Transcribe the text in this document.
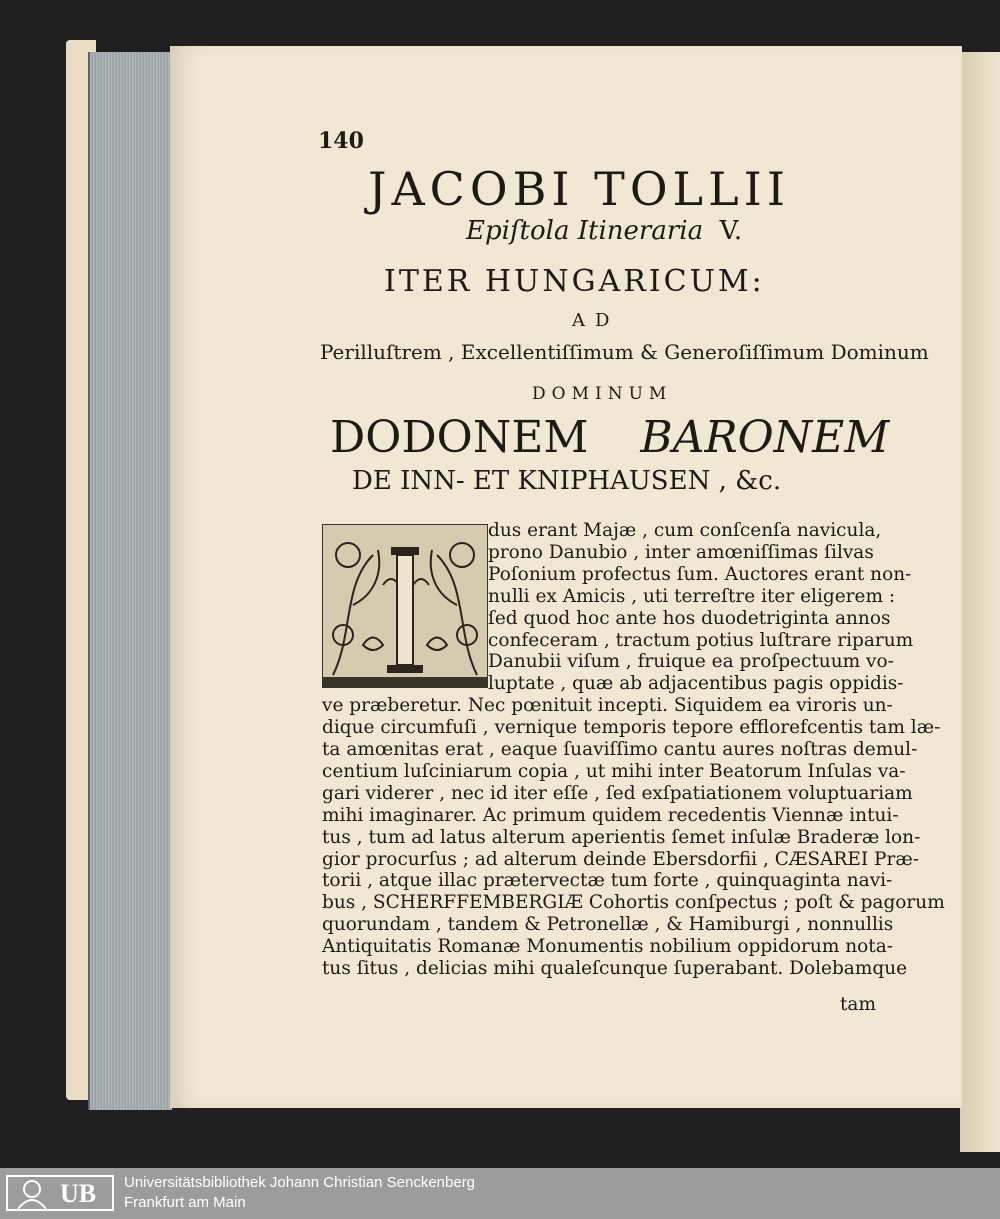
140
JACOBI TOLLII
Epiſtola Itineraria V.
ITER HUNGARICUM:
AD
Perilluſtrem , Excellentiſſimum & Generoſiſſimum Dominum
DOMINUM
DODONEM BARONEM
DE INN- ET KNIPHAUSEN , &c.
dus erant Majæ , cum conſcenſa navicula,
prono Danubio , inter amœniſſimas ſilvas
Poſonium profectus ſum. Auctores erant non-
nulli ex Amicis , uti terreſtre iter eligerem :
ſed quod hoc ante hos duodetriginta annos
confeceram , tractum potius luſtrare riparum
Danubii viſum , fruique ea proſpectuum vo-
luptate , quæ ab adjacentibus pagis oppidis-
ve præberetur. Nec pœnituit incepti. Siquidem ea viroris un-
dique circumfuſi , vernique temporis tepore efflorefcentis tam læ-
ta amœnitas erat , eaque ſuaviſſimo cantu aures noſtras demul-
centium luſciniarum copia , ut mihi inter Beatorum Inſulas va-
gari viderer , nec id iter eſſe , ſed exſpatiationem voluptuariam
mihi imaginarer. Ac primum quidem recedentis Viennæ intui-
tus , tum ad latus alterum aperientis ſemet inſulæ Braderæ lon-
gior procurſus ; ad alterum deinde Ebersdorfii , CÆSAREI Præ-
torii , atque illac prætervectæ tum forte , quinquaginta navi-
bus , SCHERFFEMBERGIÆ Cohortis conſpectus ; poſt & pagorum
quorundam , tandem & Petronellæ , & Hamiburgi , nonnullis
Antiquitatis Romanæ Monumentis nobilium oppidorum nota-
tus ſitus , delicias mihi qualeſcunque ſuperabant. Dolebamque
tam
UB Universitätsbibliothek Johann Christian Senckenberg
Frankfurt am Main
